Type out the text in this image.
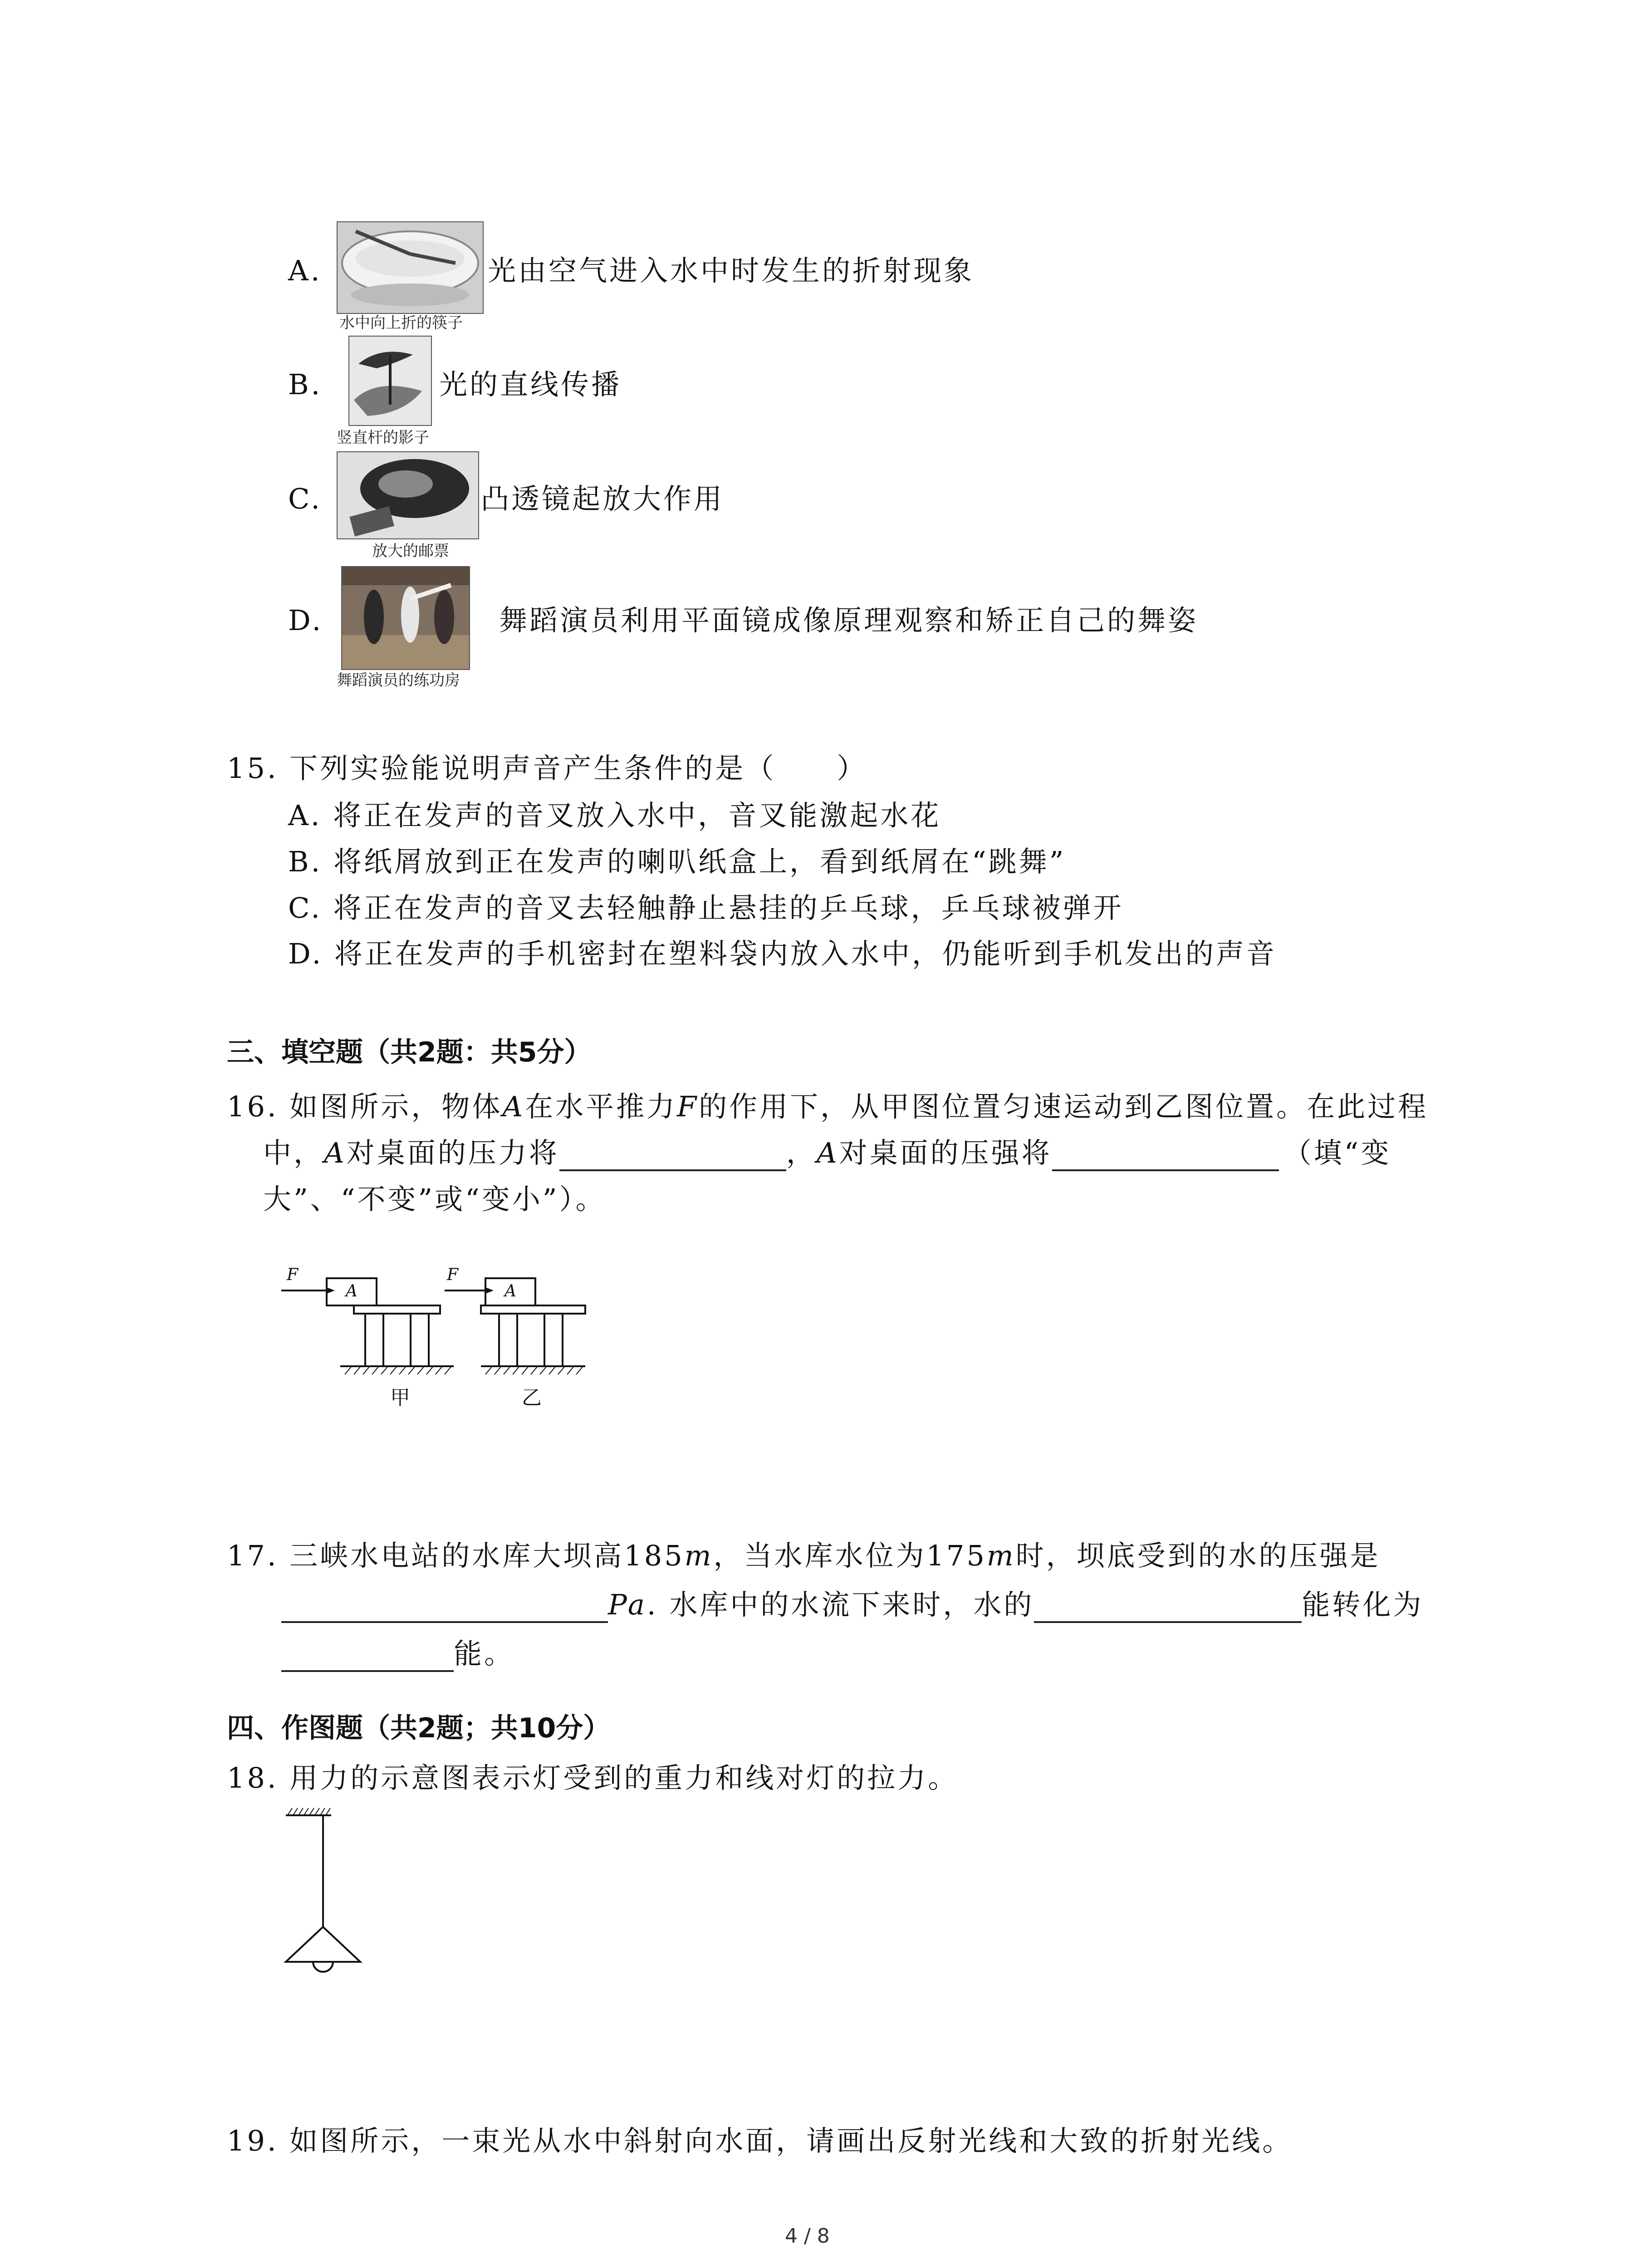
A.
水中向上折的筷子
光由空气进入水中时发生的折射现象
B.
竖直杆的影子
光的直线传播
C.
放大的邮票
凸透镜起放大作用
D.
舞蹈演员的练功房
舞蹈演员利用平面镜成像原理观察和矫正自己的舞姿
15. 下列实验能说明声音产生条件的是（　　）
A. 将正在发声的音叉放入水中，音叉能激起水花
B. 将纸屑放到正在发声的喇叭纸盒上，看到纸屑在“跳舞”
C. 将正在发声的音叉去轻触静止悬挂的乒乓球，乒乓球被弹开
D. 将正在发声的手机密封在塑料袋内放入水中，仍能听到手机发出的声音
三、填空题（共2题：共5分）
16. 如图所示，物体A在水平推力F的作用下，从甲图位置匀速运动到乙图位置。在此过程
中，A对桌面的压力将	，A对桌面的压强将	（填“变
大”、“不变”或“变小”）。
F
A
F
A
甲	乙
17. 三峡水电站的水库大坝高185m，当水库水位为175m时，坝底受到的水的压强是
Pa. 水库中的水流下来时，水的	能转化为
能。
四、作图题（共2题；共10分）
18. 用力的示意图表示灯受到的重力和线对灯的拉力。
19. 如图所示，一束光从水中斜射向水面，请画出反射光线和大致的折射光线。
4 / 8
